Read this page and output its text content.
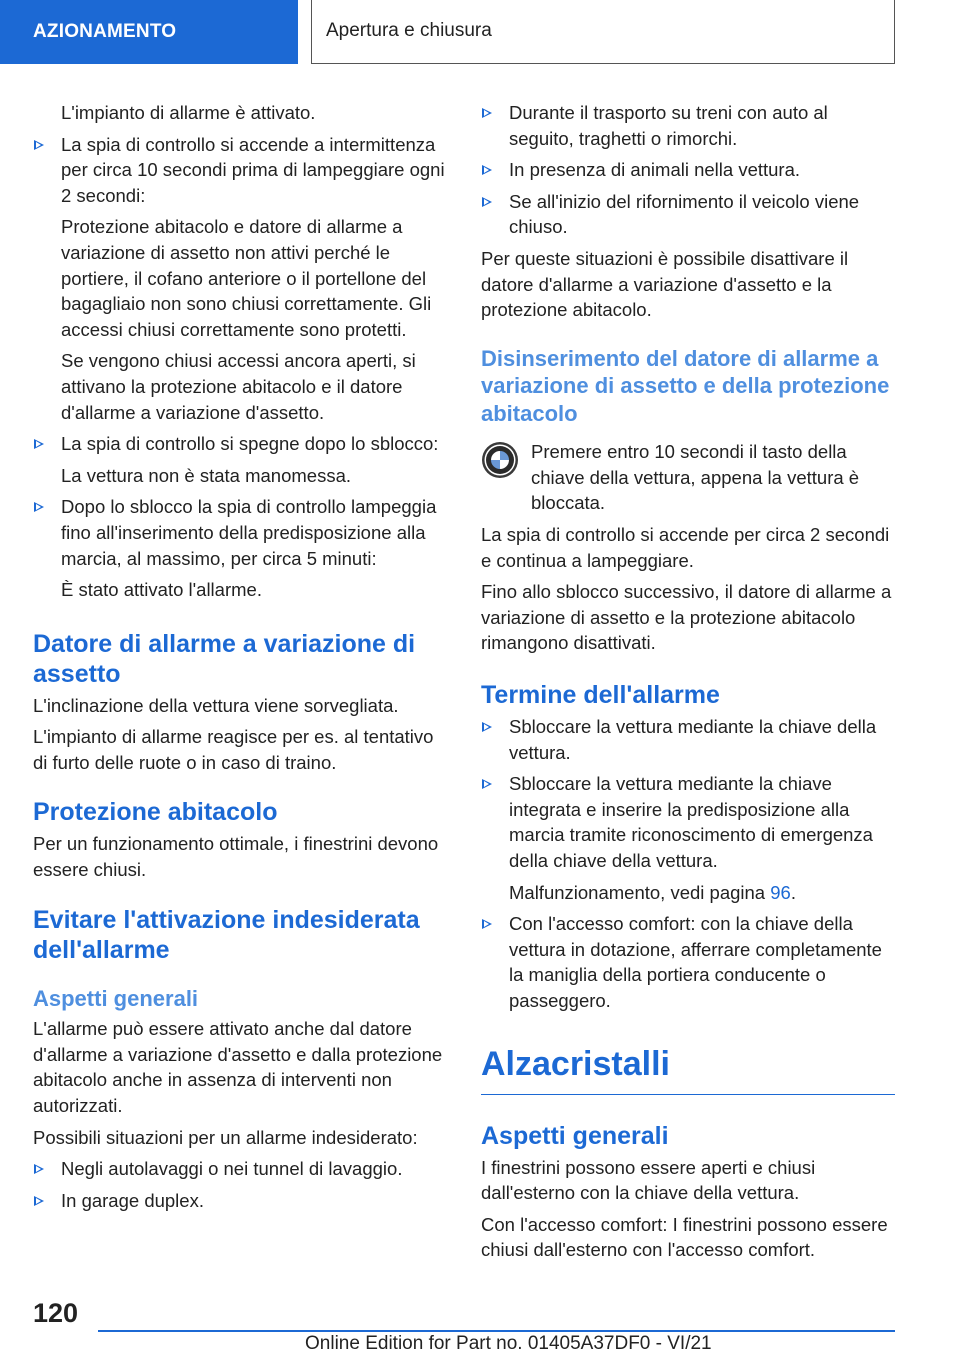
AZIONAMENTO	Apertura e chiusura

L'impianto di allarme è attivato.

La spia di controllo si accende a intermittenza per circa 10 secondi prima di lampeggiare ogni 2 secondi:
Protezione abitacolo e datore di allarme a variazione di assetto non attivi perché le portiere, il cofano anteriore o il portellone del bagagliaio non sono chiusi correttamente. Gli accessi chiusi correttamente sono protetti.
Se vengono chiusi accessi ancora aperti, si attivano la protezione abitacolo e il datore d'allarme a variazione d'assetto.
La spia di controllo si spegne dopo lo sblocco:
La vettura non è stata manomessa.
Dopo lo sblocco la spia di controllo lampeggia fino all'inserimento della predisposizione alla marcia, al massimo, per circa 5 minuti:
È stato attivato l'allarme.
Datore di allarme a variazione di assetto

L'inclinazione della vettura viene sorvegliata.

L'impianto di allarme reagisce per es. al tentativo di furto delle ruote o in caso di traino.

Protezione abitacolo

Per un funzionamento ottimale, i finestrini devono essere chiusi.

Evitare l'attivazione indesiderata dell'allarme
Aspetti generali

L'allarme può essere attivato anche dal datore d'allarme a variazione d'assetto e dalla protezione abitacolo anche in assenza di interventi non autorizzati.

Possibili situazioni per un allarme indesiderato:

Negli autolavaggi o nei tunnel di lavaggio.
In garage duplex.
Durante il trasporto su treni con auto al seguito, traghetti o rimorchi.
In presenza di animali nella vettura.
Se all'inizio del rifornimento il veicolo viene chiuso.

Per queste situazioni è possibile disattivare il datore d'allarme a variazione d'assetto e la protezione abitacolo.

Disinserimento del datore di allarme a variazione di assetto e della protezione abitacolo

Premere entro 10 secondi il tasto della chiave della vettura, appena la vettura è bloccata.

La spia di controllo si accende per circa 2 secondi e continua a lampeggiare.

Fino allo sblocco successivo, il datore di allarme a variazione di assetto e la protezione abitacolo rimangono disattivati.

Termine dell'allarme
Sbloccare la vettura mediante la chiave della vettura.
Sbloccare la vettura mediante la chiave integrata e inserire la predisposizione alla marcia tramite riconoscimento di emergenza della chiave della vettura.
Malfunzionamento, vedi pagina 96.
Con l'accesso comfort: con la chiave della vettura in dotazione, afferrare completamente la maniglia della portiera conducente o passeggero.
Alzacristalli
Aspetti generali

I finestrini possono essere aperti e chiusi dall'esterno con la chiave della vettura.

Con l'accesso comfort: I finestrini possono essere chiusi dall'esterno con l'accesso comfort.

120
Online Edition for Part no. 01405A37DF0 - VI/21
